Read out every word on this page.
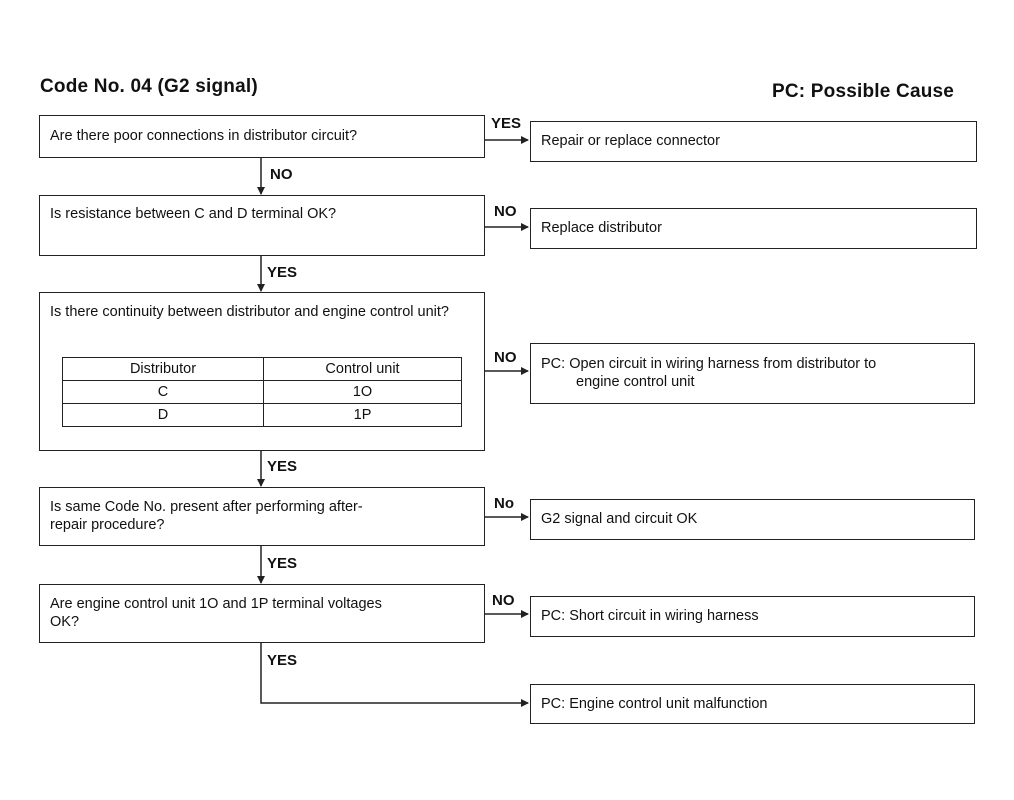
Code No. 04 (G2 signal)	PC: Possible Cause
Are there poor connections in distributor circuit?
Is resistance between C and D terminal OK?
Is there continuity between distributor and engine control unit?
Distributor	Control unit
C	1O
D	1P
Is same Code No. present after performing after-
repair procedure?
Are engine control unit 1O and 1P terminal voltages
OK?
Repair or replace connector
Replace distributor
PC: Open circuit in wiring harness from distributor to
engine control unit
G2 signal and circuit OK
PC: Short circuit in wiring harness
PC: Engine control unit malfunction
YES
NO
NO
No
NO
NO
YES
YES
YES
YES
